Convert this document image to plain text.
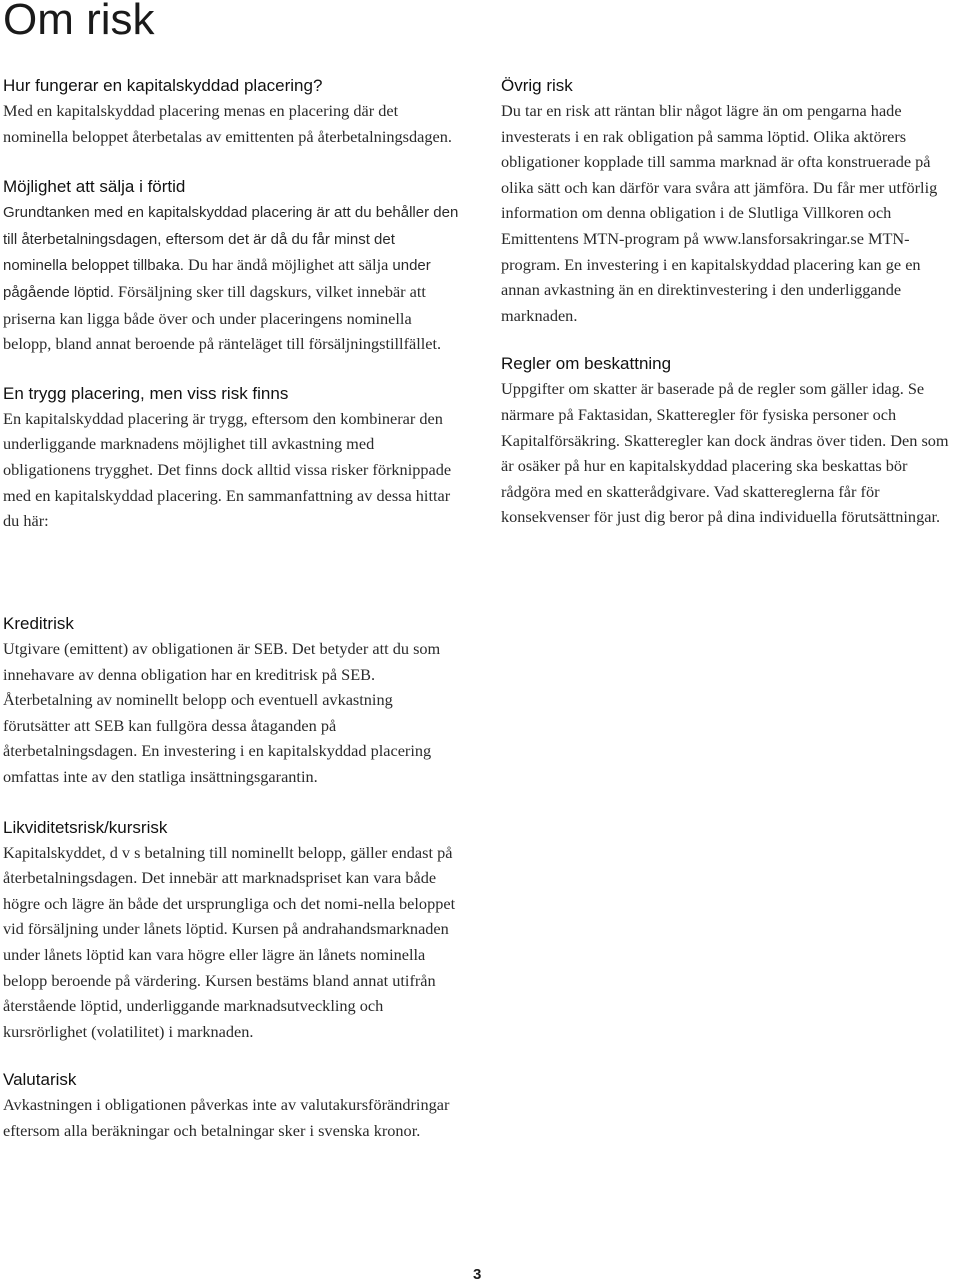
Om risk
Hur fungerar en kapitalskyddad placering?

Med en kapitalskyddad placering menas en placering där det nominella beloppet återbetalas av emittenten på återbetalningsdagen.

Möjlighet att sälja i förtid

Grundtanken med en kapitalskyddad placering är att du behåller den till återbetalningsdagen, eftersom det är då du får minst det nominella beloppet tillbaka. Du har ändå möjlighet att sälja under pågående löptid. Försäljning sker till dagskurs, vilket innebär att priserna kan ligga både över och under placeringens nominella belopp, bland annat beroende på ränteläget till försäljningstillfället.

En trygg placering, men viss risk finns

En kapitalskyddad placering är trygg, eftersom den kombinerar den underliggande marknadens möjlighet till avkastning med obligationens trygghet. Det finns dock alltid vissa risker förknippade med en kapitalskyddad placering. En sammanfattning av dessa hittar du här:

Kreditrisk

Utgivare (emittent) av obligationen är SEB. Det betyder att du som innehavare av denna obligation har en kreditrisk på SEB. Återbetalning av nominellt belopp och eventuell avkastning förutsätter att SEB kan fullgöra dessa åtaganden på återbetalningsdagen. En investering i en kapitalskyddad placering omfattas inte av den statliga insättningsgarantin.

Likviditetsrisk/kursrisk

Kapitalskyddet, d v s betalning till nominellt belopp, gäller endast på återbetalningsdagen. Det innebär att marknadspriset kan vara både högre och lägre än både det ursprungliga och det nomi-nella beloppet vid försäljning under lånets löptid. Kursen på andrahandsmarknaden under lånets löptid kan vara högre eller lägre än lånets nominella belopp beroende på värdering. Kursen bestäms bland annat utifrån återstående löptid, underliggande marknadsutveckling och kursrörlighet (volatilitet) i marknaden.

Valutarisk

Avkastningen i obligationen påverkas inte av valutakursförändringar eftersom alla beräkningar och betalningar sker i svenska kronor.

Övrig risk

Du tar en risk att räntan blir något lägre än om pengarna hade investerats i en rak obligation på samma löptid. Olika aktörers obligationer kopplade till samma marknad är ofta konstruerade på olika sätt och kan därför vara svåra att jämföra. Du får mer utförlig information om denna obligation i de Slutliga Villkoren och Emittentens MTN-program på www.lansforsakringar.se MTN-program. En investering i en kapitalskyddad placering kan ge en annan avkastning än en direktinvestering i den underliggande marknaden.

Regler om beskattning

Uppgifter om skatter är baserade på de regler som gäller idag. Se närmare på Faktasidan, Skatteregler för fysiska personer och Kapitalförsäkring. Skatteregler kan dock ändras över tiden. Den som är osäker på hur en kapitalskyddad placering ska beskattas bör rådgöra med en skatterådgivare. Vad skattereglerna får för konsekvenser för just dig beror på dina individuella förutsättningar.

3
